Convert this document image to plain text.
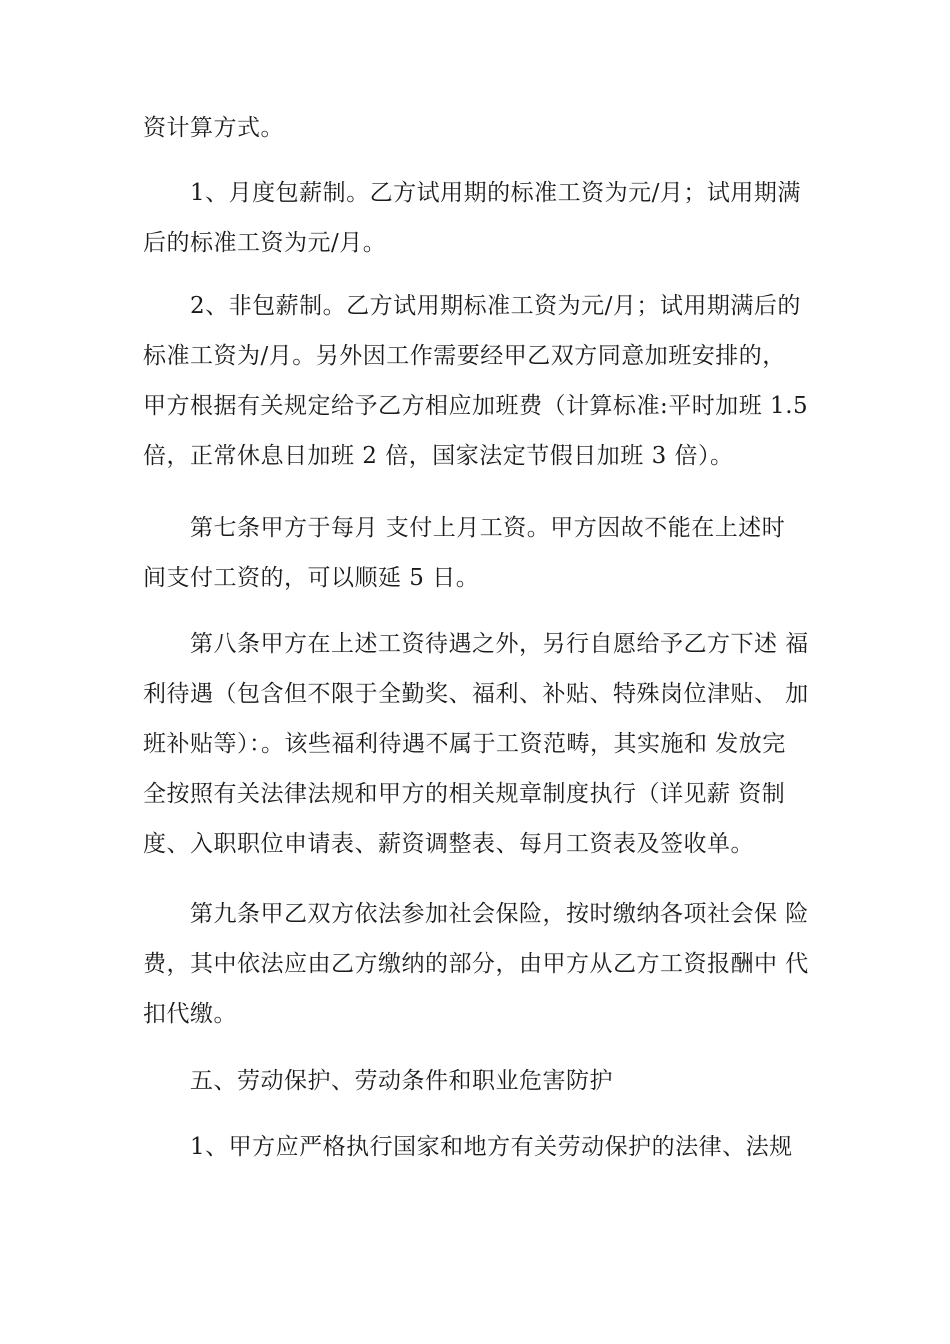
资计算方式。
1、月度包薪制。乙方试用期的标准工资为元/月；试用期满
后的标准工资为元/月。
2、非包薪制。乙方试用期标准工资为元/月；试用期满后的
标准工资为/月。另外因工作需要经甲乙双方同意加班安排的，
甲方根据有关规定给予乙方相应加班费（计算标准:平时加班 1.5
倍，正常休息日加班 2 倍，国家法定节假日加班 3 倍）。
第七条甲方于每月 支付上月工资。甲方因故不能在上述时
间支付工资的，可以顺延 5 日。
第八条甲方在上述工资待遇之外，另行自愿给予乙方下述 福
利待遇（包含但不限于全勤奖、福利、补贴、特殊岗位津贴、 加
班补贴等）：。该些福利待遇不属于工资范畴，其实施和 发放完
全按照有关法律法规和甲方的相关规章制度执行（详见薪 资制
度、入职职位申请表、薪资调整表、每月工资表及签收单。
第九条甲乙双方依法参加社会保险，按时缴纳各项社会保 险
费，其中依法应由乙方缴纳的部分，由甲方从乙方工资报酬中 代
扣代缴。
五、劳动保护、劳动条件和职业危害防护
1、甲方应严格执行国家和地方有关劳动保护的法律、法规
